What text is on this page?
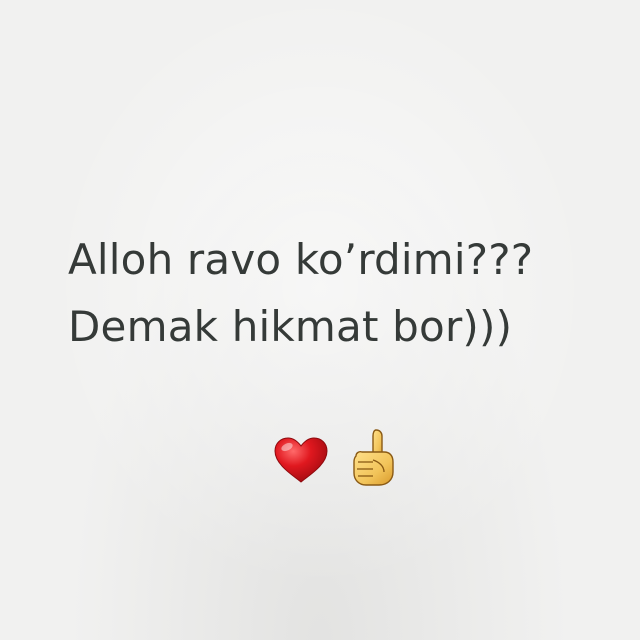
Alloh ravo ko’rdimi???
Demak hikmat bor)))
